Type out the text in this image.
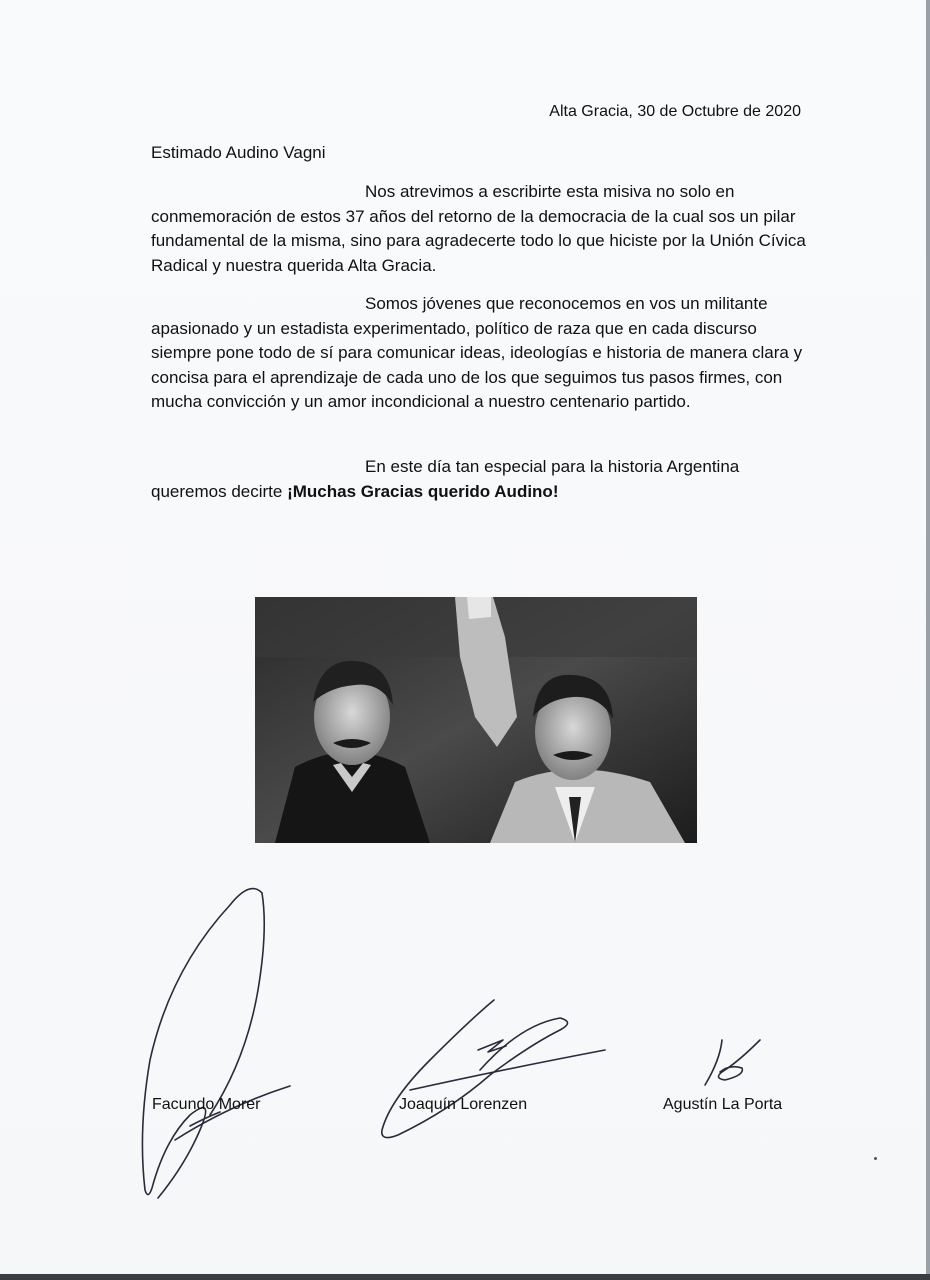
Alta Gracia, 30 de Octubre de 2020
Estimado Audino Vagni
Nos atrevimos a escribirte esta misiva no solo en conmemoración de estos 37 años del retorno de la democracia de la cual sos un pilar fundamental de la misma, sino para agradecerte todo lo que hiciste por la Unión Cívica Radical y nuestra querida Alta Gracia.
Somos jóvenes que reconocemos en vos un militante apasionado y un estadista experimentado, político de raza que en cada discurso siempre pone todo de sí para comunicar ideas, ideologías e historia de manera clara y concisa para el aprendizaje de cada uno de los que seguimos tus pasos firmes, con mucha convicción y un amor incondicional a nuestro centenario partido.
En este día tan especial para la historia Argentina queremos decirte ¡Muchas Gracias querido Audino!
Facundo Morer	Joaquín Lorenzen	Agustín La Porta
